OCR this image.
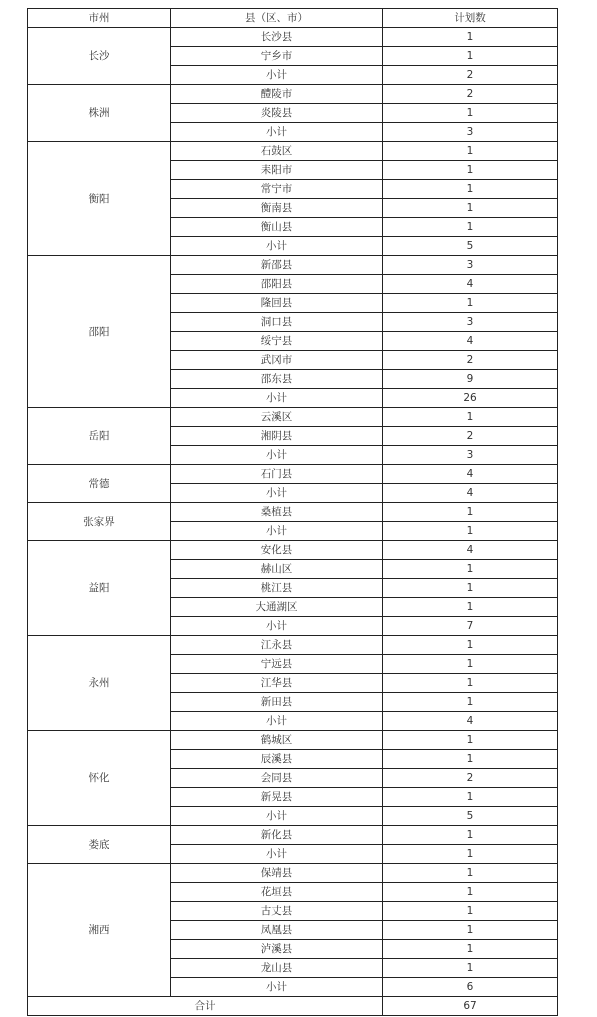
市州	县（区、市）	计划数
长沙	长沙县	1
	宁乡市	1
	小计	2
株洲	醴陵市	2
	炎陵县	1
	小计	3
衡阳	石鼓区	1
	耒阳市	1
	常宁市	1
	衡南县	1
	衡山县	1
	小计	5
邵阳	新邵县	3
	邵阳县	4
	隆回县	1
	洞口县	3
	绥宁县	4
	武冈市	2
	邵东县	9
	小计	26
岳阳	云溪区	1
	湘阴县	2
	小计	3
常德	石门县	4
	小计	4
张家界	桑植县	1
	小计	1
益阳	安化县	4
	赫山区	1
	桃江县	1
	大通湖区	1
	小计	7
永州	江永县	1
	宁远县	1
	江华县	1
	新田县	1
	小计	4
怀化	鹤城区	1
	辰溪县	1
	会同县	2
	新晃县	1
	小计	5
娄底	新化县	1
	小计	1
湘西	保靖县	1
	花垣县	1
	古丈县	1
	凤凰县	1
	泸溪县	1
	龙山县	1
	小计	6
合计		67
